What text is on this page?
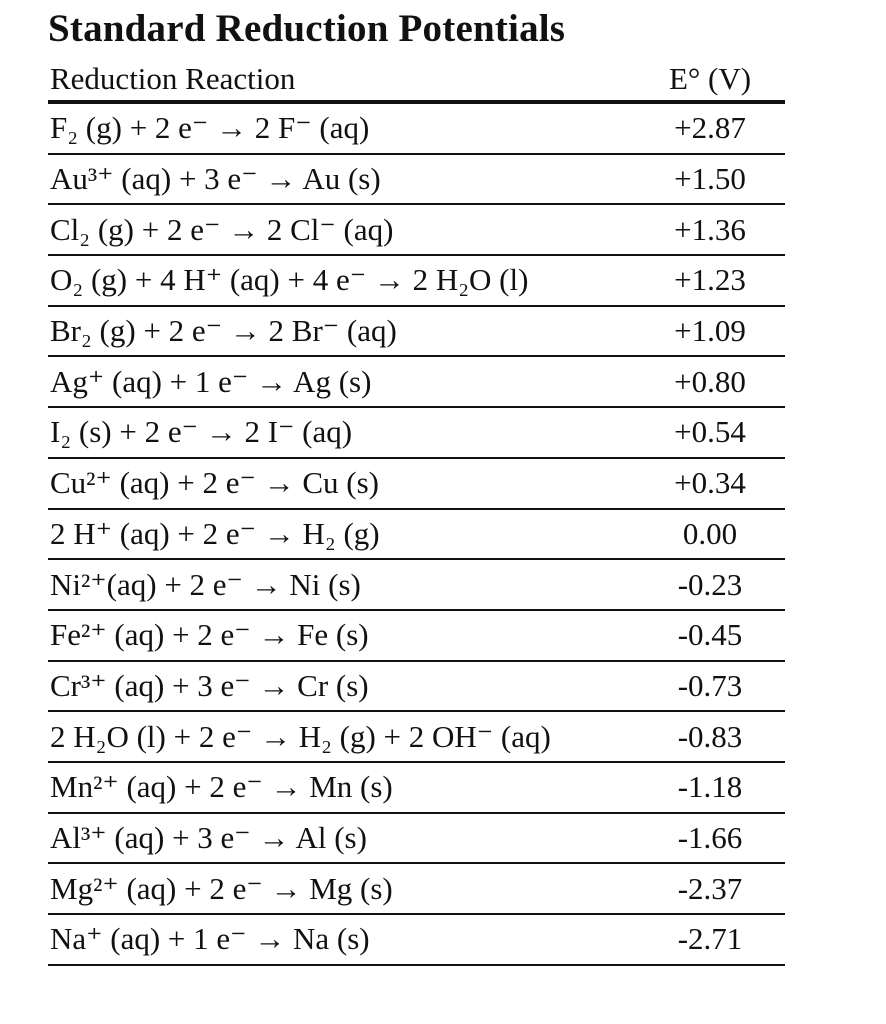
Standard Reduction Potentials
Reduction Reaction	E° (V)
F₂ (g) + 2 e⁻ → 2 F⁻ (aq)	+2.87
Au³⁺ (aq) + 3 e⁻ → Au (s)	+1.50
Cl₂ (g) + 2 e⁻ → 2 Cl⁻ (aq)	+1.36
O₂ (g) + 4 H⁺ (aq) + 4 e⁻ → 2 H₂O (l)	+1.23
Br₂ (g) + 2 e⁻ → 2 Br⁻ (aq)	+1.09
Ag⁺ (aq) + 1 e⁻ → Ag (s)	+0.80
I₂ (s) + 2 e⁻ → 2 I⁻ (aq)	+0.54
Cu²⁺ (aq) + 2 e⁻ → Cu (s)	+0.34
2 H⁺ (aq) + 2 e⁻ → H₂ (g)	0.00
Ni²⁺(aq) + 2 e⁻ → Ni (s)	-0.23
Fe²⁺ (aq) + 2 e⁻ → Fe (s)	-0.45
Cr³⁺ (aq) + 3 e⁻ → Cr (s)	-0.73
2 H₂O (l) + 2 e⁻ → H₂ (g) + 2 OH⁻ (aq)	-0.83
Mn²⁺ (aq) + 2 e⁻ → Mn (s)	-1.18
Al³⁺ (aq) + 3 e⁻ → Al (s)	-1.66
Mg²⁺ (aq) + 2 e⁻ → Mg (s)	-2.37
Na⁺ (aq) + 1 e⁻ → Na (s)	-2.71
